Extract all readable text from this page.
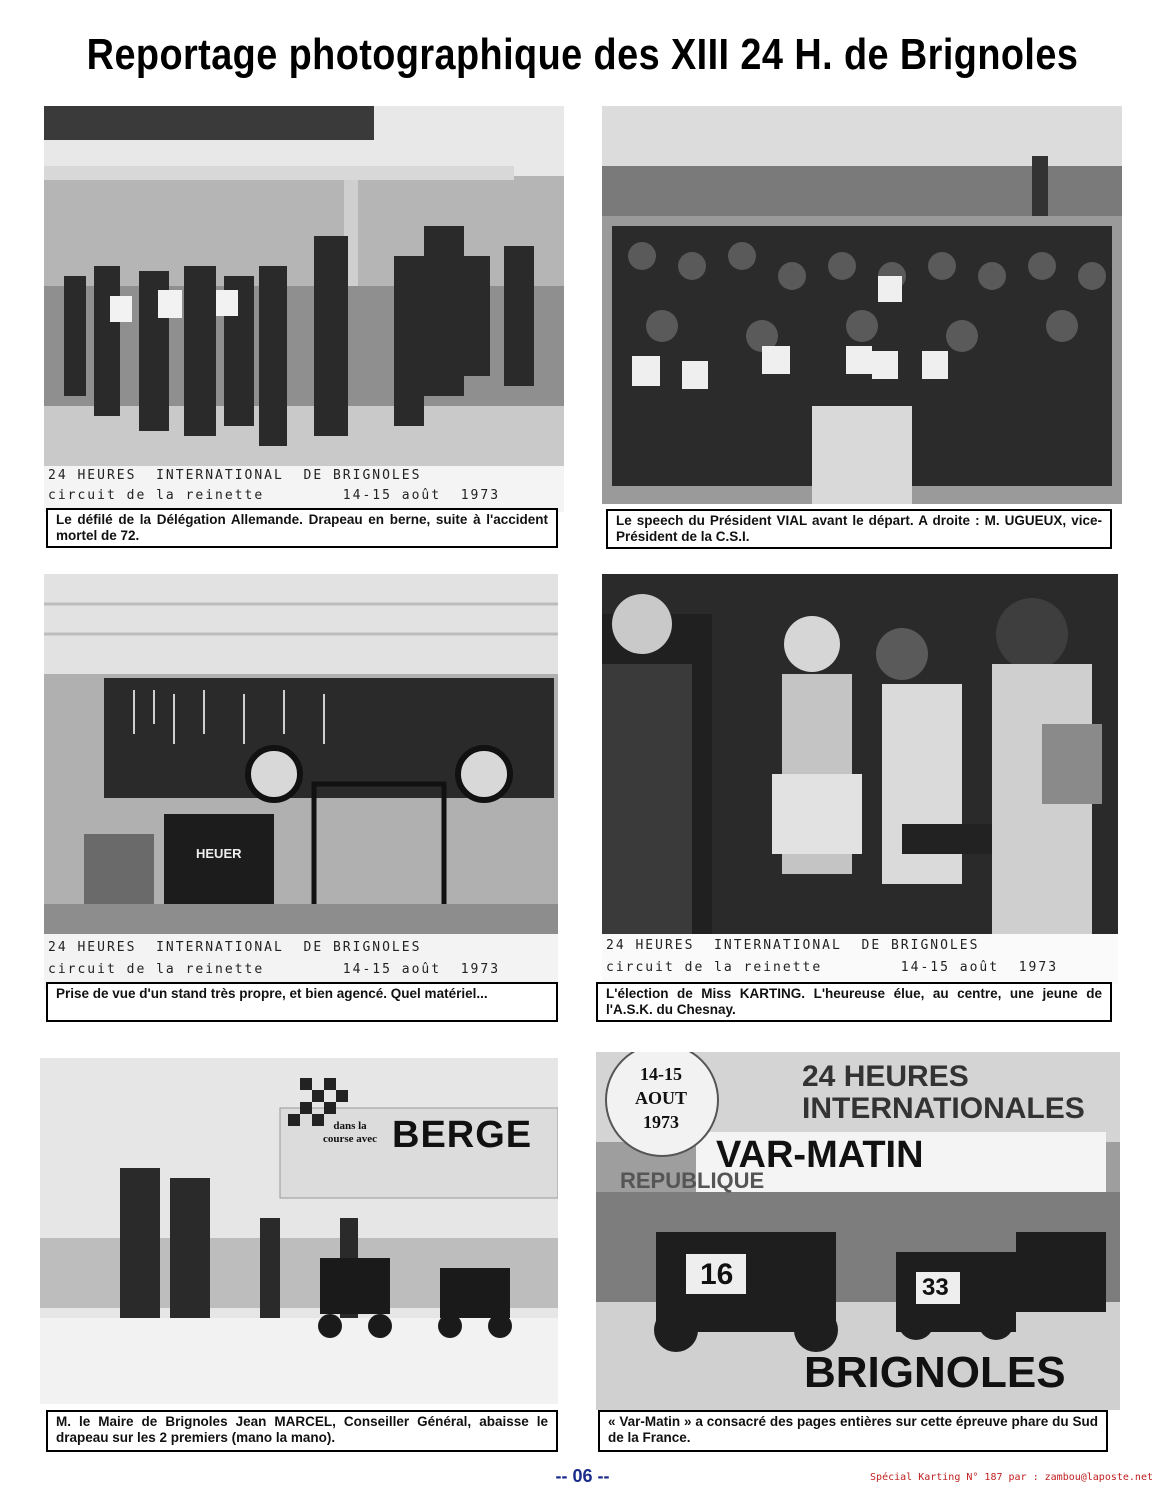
Reportage photographique des XIII 24 H. de Brignoles
24 HEURES  INTERNATIONAL  DE BRIGNOLES
circuit de la reinette        14-15 août  1973
Le défilé de la Délégation Allemande. Drapeau en berne, suite à l'accident mortel de 72.
Le speech du Président VIAL avant le départ. A droite : M. UGUEUX, vice-Président de la C.S.I.
HEUER
24 HEURES  INTERNATIONAL  DE BRIGNOLES
circuit de la reinette        14-15 août  1973
Prise de vue d'un stand très propre, et bien agencé. Quel matériel...
24 HEURES  INTERNATIONAL  DE BRIGNOLES
circuit de la reinette        14-15 août  1973
L'élection de Miss KARTING. L'heureuse élue, au centre, une jeune de l'A.S.K. du Chesnay.
dans la course avec BERGE
M. le Maire de Brignoles Jean MARCEL, Conseiller Général, abaisse le drapeau sur les 2 premiers (mano la mano).
14-15
AOUT
1973
24 HEURES
INTERNATIONALES
VAR-MATIN
REPUBLIQUE
16	33
BRIGNOLES
« Var-Matin » a consacré des pages entières sur cette épreuve phare du Sud de la France.
-- 06 --	Spécial Karting N° 187 par : zambou@laposte.net
